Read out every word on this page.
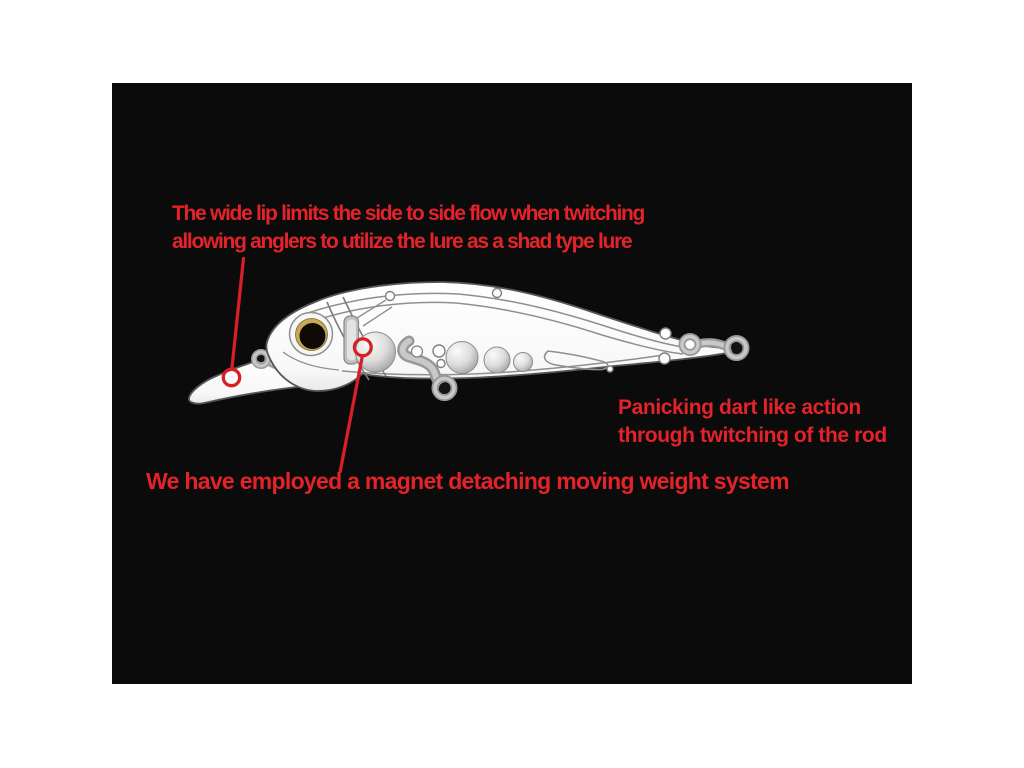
The wide lip limits the side to side flow when twitching
allowing anglers to utilize the lure as a shad type lure
Panicking dart like action
through twitching of the rod
We have employed a magnet detaching moving weight system
